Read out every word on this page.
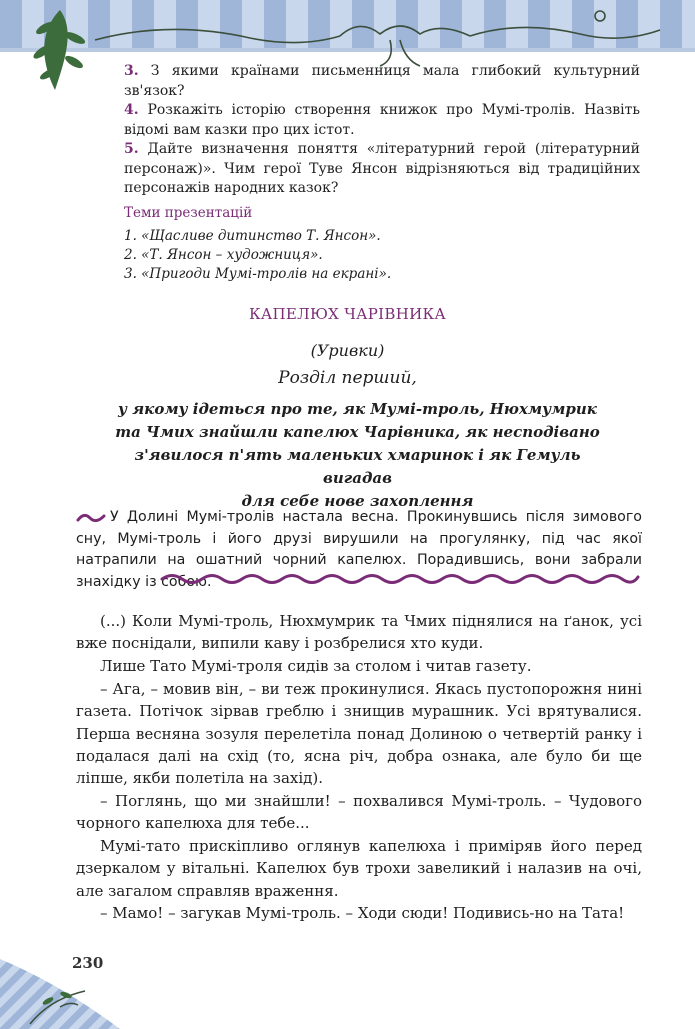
3. З якими країнами письменниця мала глибокий культурний зв'язок?
4. Розкажіть історію створення книжок про Мумі-тролів. Назвіть відомі вам казки про цих істот.
5. Дайте визначення поняття «літературний герой (літературний персонаж)». Чим герої Туве Янсон відрізняються від традиційних персонажів народних казок?
Теми презентацій
1. «Щасливе дитинство Т. Янсон».
2. «Т. Янсон – художниця».
3. «Пригоди Мумі-тролів на екрані».
КАПЕЛЮХ ЧАРІВНИКА
(Уривки)
Розділ перший,
у якому ідеться про те, як Мумі-троль, Нюхмумрик
та Чмих знайшли капелюх Чарівника, як несподівано
з'явилося п'ять маленьких хмаринок і як Гемуль вигадав
для себе нове захоплення
У Долині Мумі-тролів настала весна. Прокинувшись після зимового сну, Мумі-троль і його друзі вирушили на прогулянку, під час якої натрапили на ошатний чорний капелюх. Порадившись, вони забрали знахідку із собою.
(...) Коли Мумі-троль, Нюхмумрик та Чмих піднялися на ґанок, усі вже поснідали, випили каву і розбрелися хто куди.
Лише Тато Мумі-троля сидів за столом і читав газету.
– Ага, – мовив він, – ви теж прокинулися. Якась пустопорожня нині газета. Потічок зірвав греблю і знищив мурашник. Усі врятувалися. Перша весняна зозуля перелетіла понад Долиною о четвертій ранку і подалася далі на схід (то, ясна річ, добра ознака, але було би ще ліпше, якби полетіла на захід).
– Поглянь, що ми знайшли! – похвалився Мумі-троль. – Чудового чорного капелюха для тебе...
Мумі-тато прискіпливо оглянув капелюха і приміряв його перед дзеркалом у вітальні. Капелюх був трохи завеликий і налазив на очі, але загалом справляв враження.
– Мамо! – загукав Мумі-троль. – Ходи сюди! Подивись-но на Тата!
230
